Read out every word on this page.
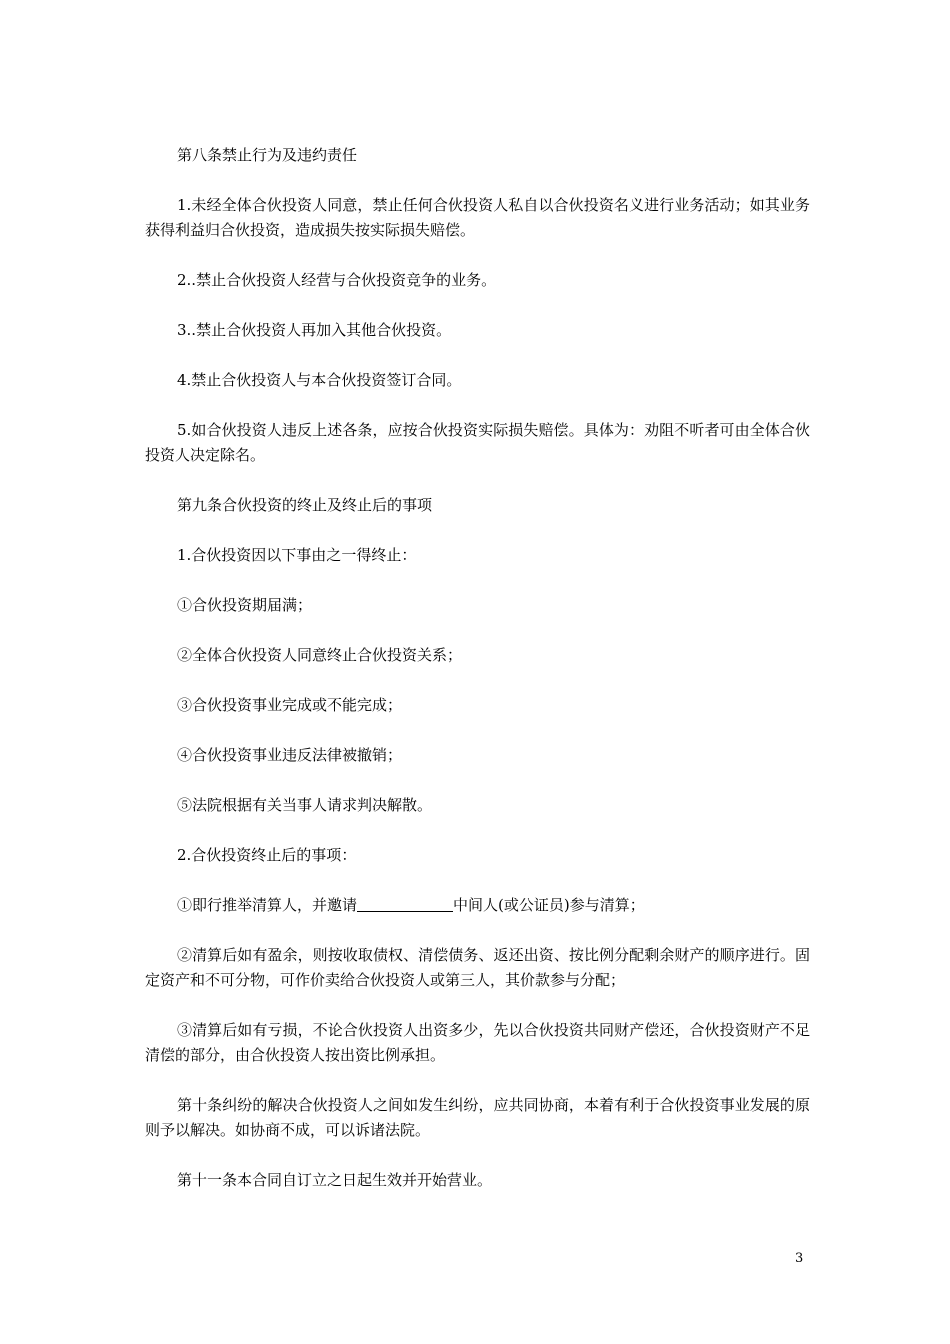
第八条禁止行为及违约责任
1.未经全体合伙投资人同意，禁止任何合伙投资人私自以合伙投资名义进行业务活动；如其业务获得利益归合伙投资，造成损失按实际损失赔偿。
2..禁止合伙投资人经营与合伙投资竞争的业务。
3..禁止合伙投资人再加入其他合伙投资。
4.禁止合伙投资人与本合伙投资签订合同。
5.如合伙投资人违反上述各条，应按合伙投资实际损失赔偿。具体为：劝阻不听者可由全体合伙投资人决定除名。
第九条合伙投资的终止及终止后的事项
1.合伙投资因以下事由之一得终止：
①合伙投资期届满；
②全体合伙投资人同意终止合伙投资关系；
③合伙投资事业完成或不能完成；
④合伙投资事业违反法律被撤销；
⑤法院根据有关当事人请求判决解散。
2.合伙投资终止后的事项：
①即行推举清算人，并邀请	中间人(或公证员)参与清算；
②清算后如有盈余，则按收取债权、清偿债务、返还出资、按比例分配剩余财产的顺序进行。固定资产和不可分物，可作价卖给合伙投资人或第三人，其价款参与分配；
③清算后如有亏损，不论合伙投资人出资多少，先以合伙投资共同财产偿还，合伙投资财产不足清偿的部分，由合伙投资人按出资比例承担。
第十条纠纷的解决合伙投资人之间如发生纠纷，应共同协商，本着有利于合伙投资事业发展的原则予以解决。如协商不成，可以诉诸法院。
第十一条本合同自订立之日起生效并开始营业。
3
